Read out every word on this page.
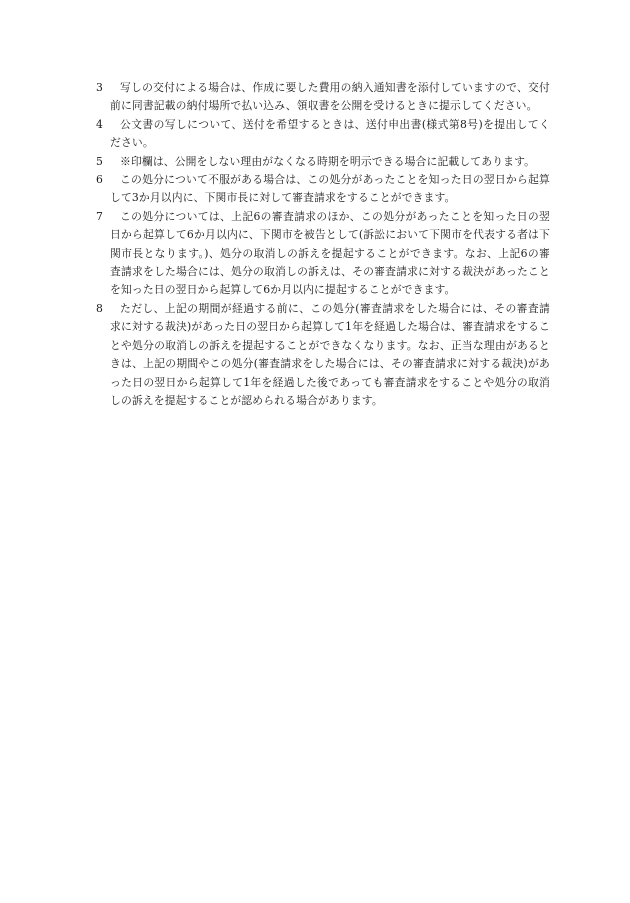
3	写しの交付による場合は、作成に要した費用の納入通知書を添付していますので、交付前に同書記載の納付場所で払い込み、領収書を公開を受けるときに提示してください。
4	公文書の写しについて、送付を希望するときは、送付申出書(様式第8号)を提出してください。
5	※印欄は、公開をしない理由がなくなる時期を明示できる場合に記載してあります。
6	この処分について不服がある場合は、この処分があったことを知った日の翌日から起算して3か月以内に、下関市長に対して審査請求をすることができます。
7	この処分については、上記6の審査請求のほか、この処分があったことを知った日の翌日から起算して6か月以内に、下関市を被告として(訴訟において下関市を代表する者は下関市長となります。)、処分の取消しの訴えを提起することができます。なお、上記6の審査請求をした場合には、処分の取消しの訴えは、その審査請求に対する裁決があったことを知った日の翌日から起算して6か月以内に提起することができます。
8	ただし、上記の期間が経過する前に、この処分(審査請求をした場合には、その審査請求に対する裁決)があった日の翌日から起算して1年を経過した場合は、審査請求をすることや処分の取消しの訴えを提起することができなくなります。なお、正当な理由があるときは、上記の期間やこの処分(審査請求をした場合には、その審査請求に対する裁決)があった日の翌日から起算して1年を経過した後であっても審査請求をすることや処分の取消しの訴えを提起することが認められる場合があります。
